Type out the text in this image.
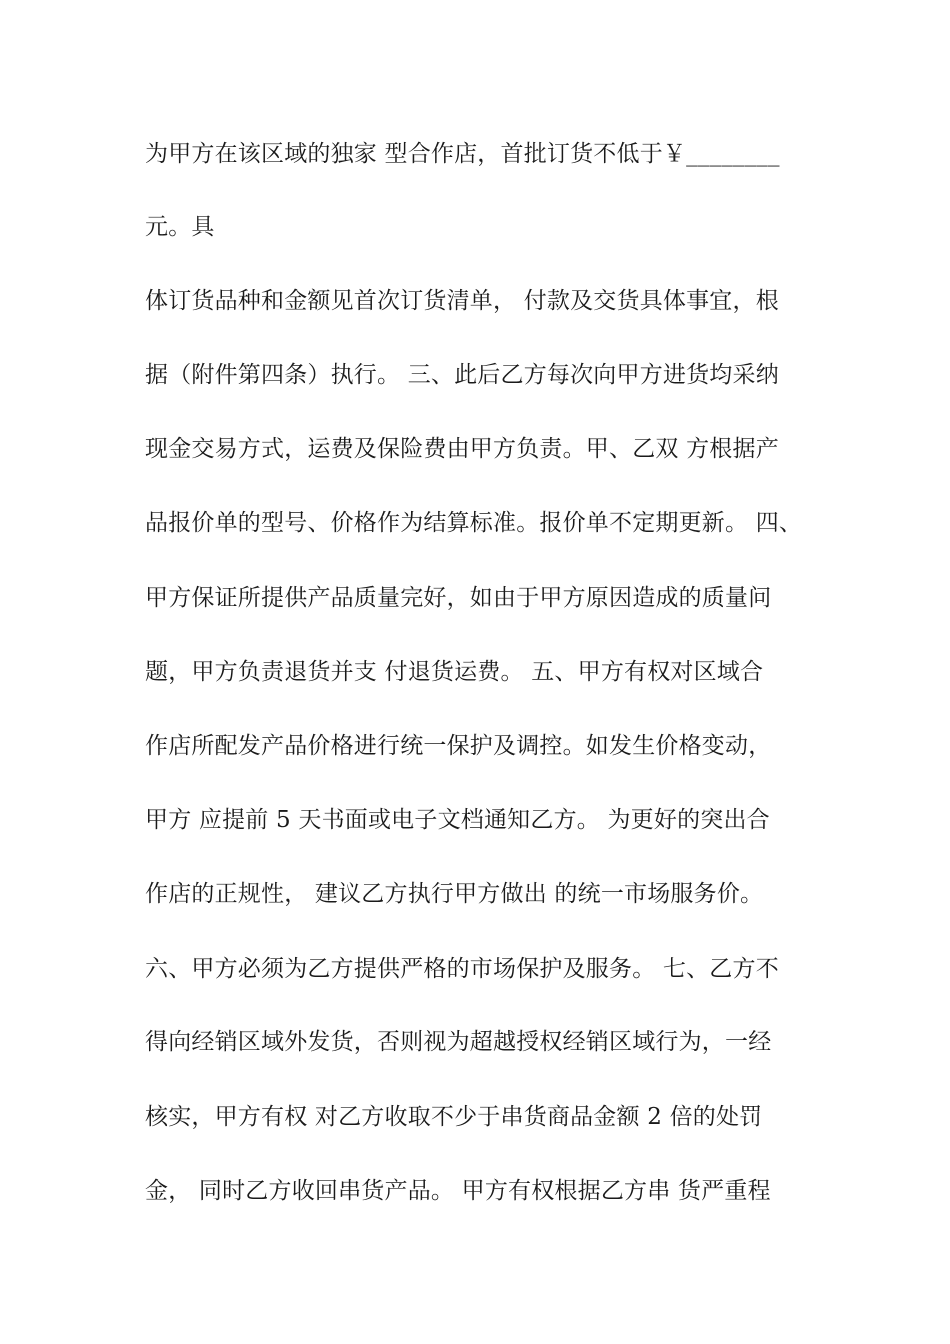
为甲方在该区域的独家 型合作店，首批订货不低于￥________
元。具
体订货品种和金额见首次订货清单， 付款及交货具体事宜，根
据（附件第四条）执行。 三、此后乙方每次向甲方进货均采纳
现金交易方式，运费及保险费由甲方负责。甲、乙双 方根据产
品报价单的型号、价格作为结算标准。报价单不定期更新。 四、
甲方保证所提供产品质量完好，如由于甲方原因造成的质量问
题，甲方负责退货并支 付退货运费。 五、甲方有权对区域合
作店所配发产品价格进行统一保护及调控。如发生价格变动，
甲方 应提前 5 天书面或电子文档通知乙方。 为更好的突出合
作店的正规性， 建议乙方执行甲方做出 的统一市场服务价。
六、甲方必须为乙方提供严格的市场保护及服务。 七、乙方不
得向经销区域外发货，否则视为超越授权经销区域行为，一经
核实，甲方有权 对乙方收取不少于串货商品金额 2 倍的处罚
金， 同时乙方收回串货产品。 甲方有权根据乙方串 货严重程
